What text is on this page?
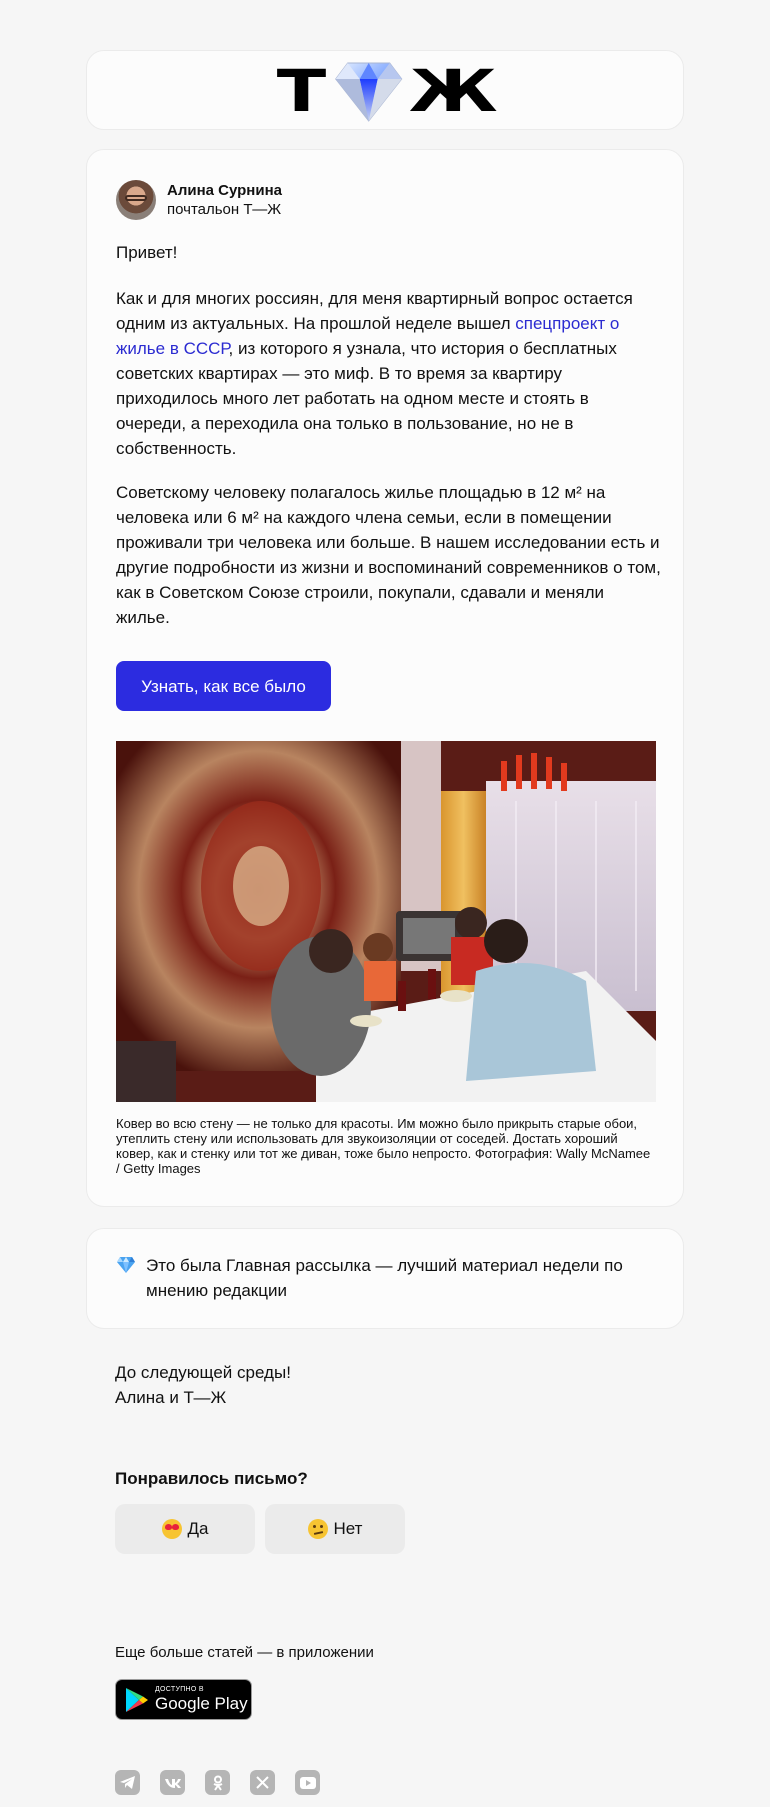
Т Ж
Алина Сурнина
почтальон Т—Ж

Привет!

Как и для многих россиян, для меня квартирный вопрос остается одним из актуальных. На прошлой неделе вышел спецпроект о жилье в СССР, из которого я узнала, что история о бесплатных советских квартирах — это миф. В то время за квартиру приходилось много лет работать на одном месте и стоять в очереди, а переходила она только в пользование, но не в собственность.

Советскому человеку полагалось жилье площадью в 12 м² на человека или 6 м² на каждого члена семьи, если в помещении проживали три человека или больше. В нашем исследовании есть и другие подробности из жизни и воспоминаний современников о том, как в Советском Союзе строили, покупали, сдавали и меняли жилье.

Узнать, как все было

Ковер во всю стену — не только для красоты. Им можно было прикрыть старые обои, утеплить стену или использовать для звукоизоляции от соседей. Достать хороший ковер, как и стенку или тот же диван, тоже было непросто. Фотография: Wally McNamee / Getty Images

Это была Главная рассылка — лучший материал недели по мнению редакции

До следующей среды!
Алина и Т—Ж

Понравилось письмо?

Да	Нет

Еще больше статей — в приложении

ДОСТУПНО В
Google Play
